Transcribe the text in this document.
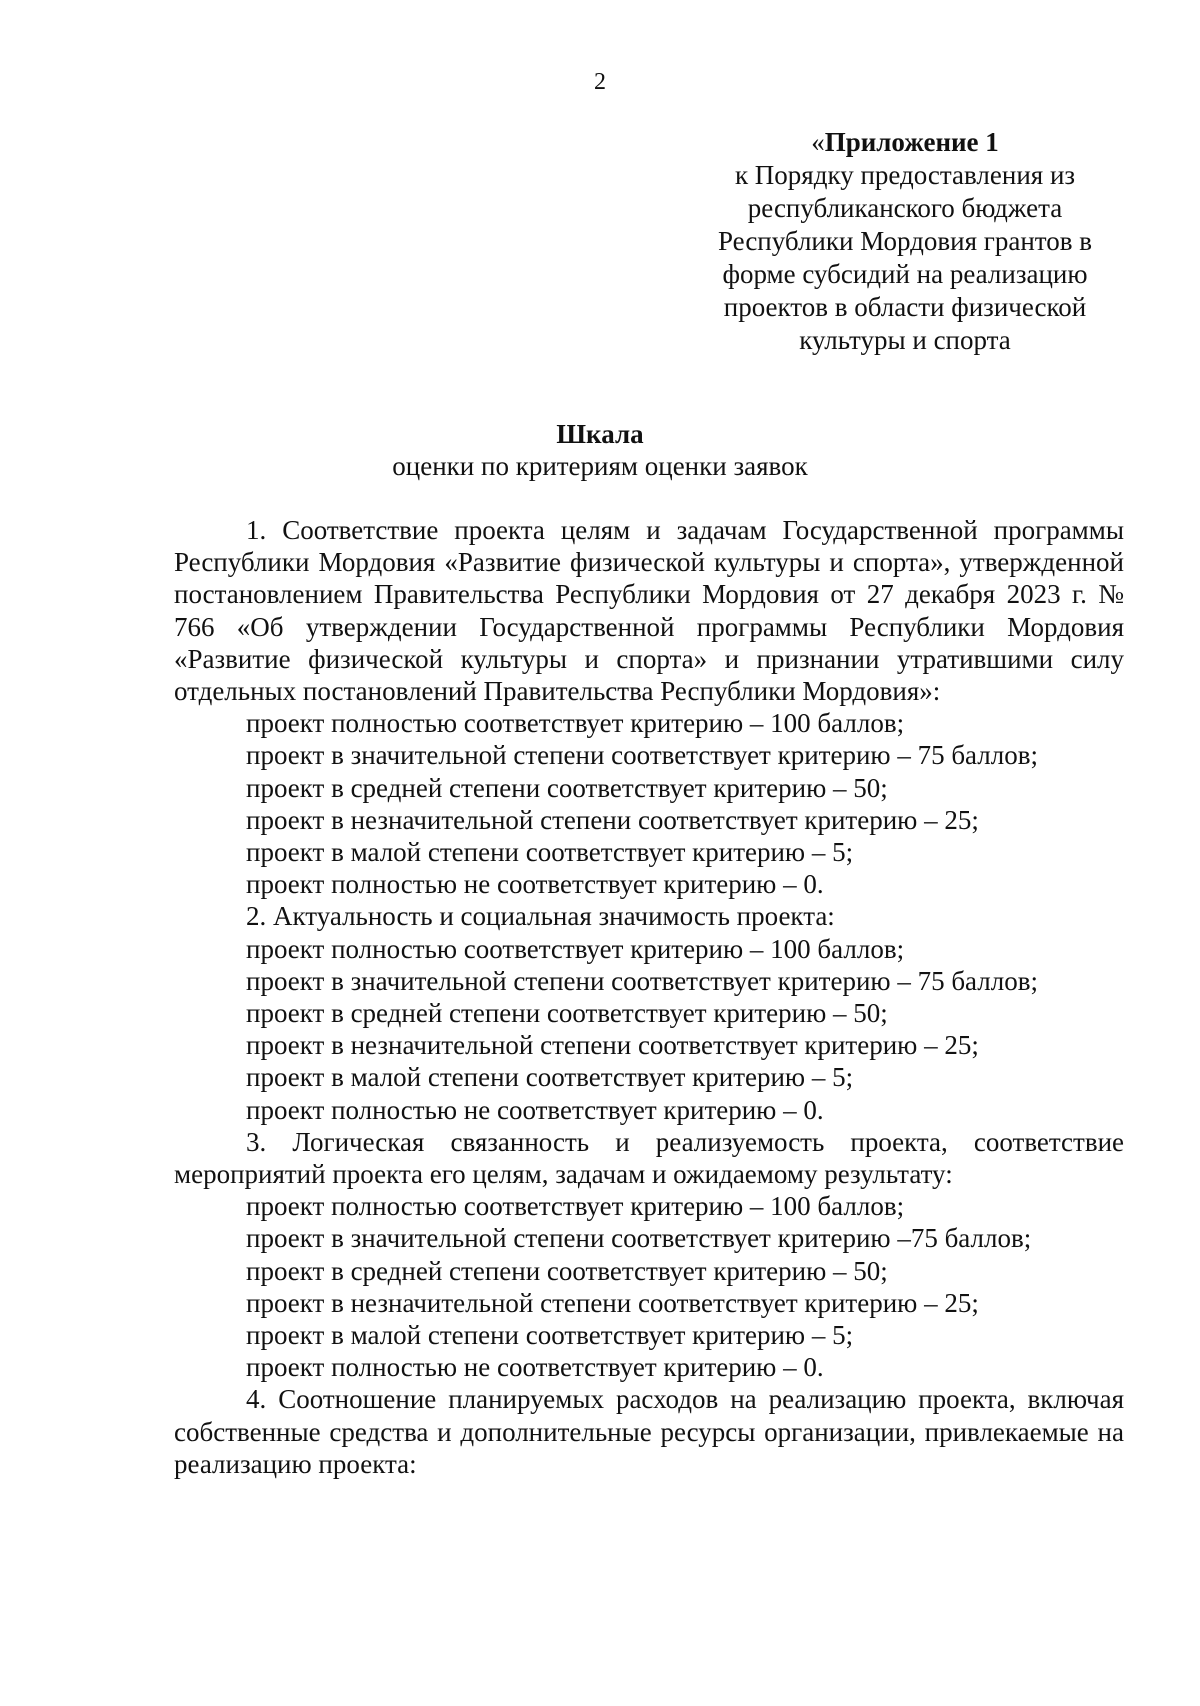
2
«Приложение 1
к Порядку предоставления из
республиканского бюджета
Республики Мордовия грантов в
форме субсидий на реализацию
проектов в области физической
культуры и спорта
Шкала
оценки по критериям оценки заявок

1. Соответствие проекта целям и задачам Государственной программы Республики Мордовия «Развитие физической культуры и спорта», утвержденной постановлением Правительства Республики Мордовия от 27 декабря 2023 г. № 766 «Об утверждении Государственной программы Республики Мордовия «Развитие физической культуры и спорта» и признании утратившими силу отдельных постановлений Правительства Республики Мордовия»:

проект полностью соответствует критерию – 100 баллов;

проект в значительной степени соответствует критерию – 75 баллов;

проект в средней степени соответствует критерию – 50;

проект в незначительной степени соответствует критерию – 25;

проект в малой степени соответствует критерию – 5;

проект полностью не соответствует критерию – 0.

2. Актуальность и социальная значимость проекта:

проект полностью соответствует критерию – 100 баллов;

проект в значительной степени соответствует критерию – 75 баллов;

проект в средней степени соответствует критерию – 50;

проект в незначительной степени соответствует критерию – 25;

проект в малой степени соответствует критерию – 5;

проект полностью не соответствует критерию – 0.

3. Логическая связанность и реализуемость проекта, соответствие мероприятий проекта его целям, задачам и ожидаемому результату:

проект полностью соответствует критерию – 100 баллов;

проект в значительной степени соответствует критерию –75 баллов;

проект в средней степени соответствует критерию – 50;

проект в незначительной степени соответствует критерию – 25;

проект в малой степени соответствует критерию – 5;

проект полностью не соответствует критерию – 0.

4. Соотношение планируемых расходов на реализацию проекта, включая собственные средства и дополнительные ресурсы организации, привлекаемые на реализацию проекта:
